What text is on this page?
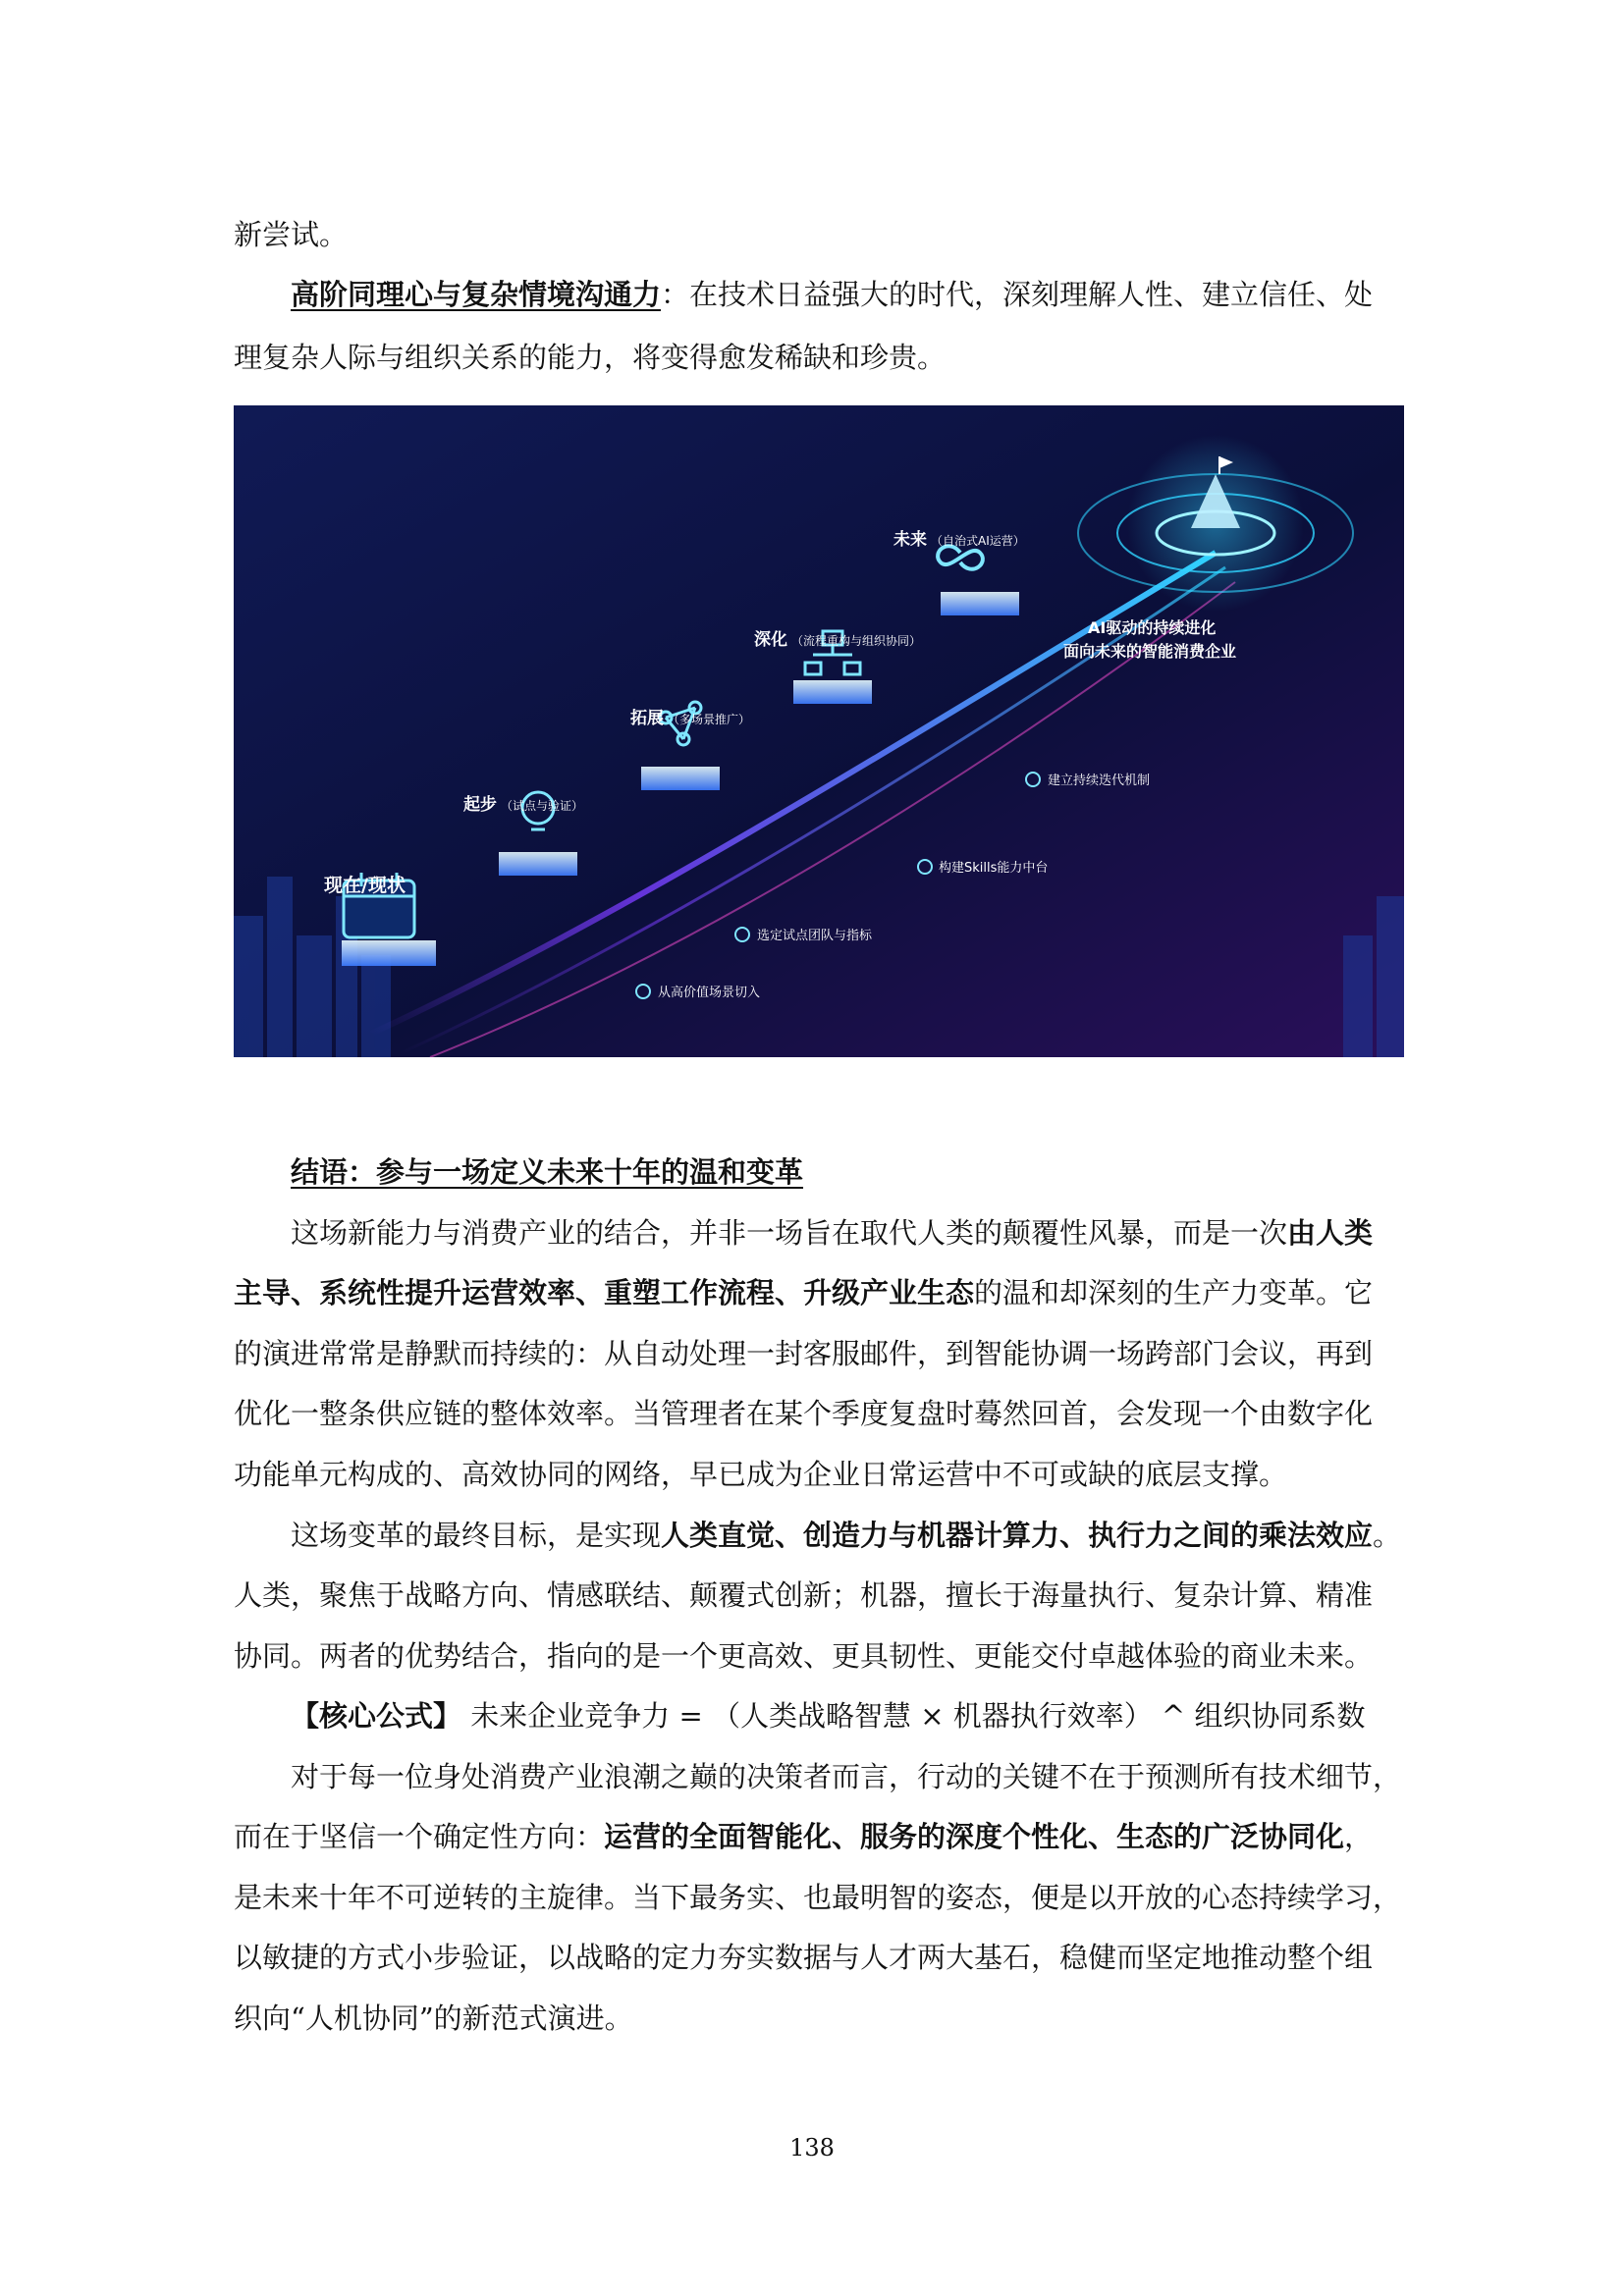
新尝试。

高阶同理心与复杂情境沟通力：在技术日益强大的时代，深刻理解人性、建立信任、处

理复杂人际与组织关系的能力，将变得愈发稀缺和珍贵。

现在/现状
起步 （试点与验证）
拓展 （多场景推广）
深化 （流程重构与组织协同）
未来 （自治式AI运营）
AI驱动的持续进化
面向未来的智能消费企业
从高价值场景切入
选定试点团队与指标
构建Skills能力中台
建立持续迭代机制

结语：参与一场定义未来十年的温和变革

这场新能力与消费产业的结合，并非一场旨在取代人类的颠覆性风暴，而是一次由人类

主导、系统性提升运营效率、重塑工作流程、升级产业生态的温和却深刻的生产力变革。它

的演进常常是静默而持续的：从自动处理一封客服邮件，到智能协调一场跨部门会议，再到

优化一整条供应链的整体效率。当管理者在某个季度复盘时蓦然回首，会发现一个由数字化

功能单元构成的、高效协同的网络，早已成为企业日常运营中不可或缺的底层支撑。

这场变革的最终目标，是实现人类直觉、创造力与机器计算力、执行力之间的乘法效应。

人类，聚焦于战略方向、情感联结、颠覆式创新；机器，擅长于海量执行、复杂计算、精准

协同。两者的优势结合，指向的是一个更高效、更具韧性、更能交付卓越体验的商业未来。

【核心公式】 未来企业竞争力 = （人类战略智慧 × 机器执行效率） ^ 组织协同系数

对于每一位身处消费产业浪潮之巅的决策者而言，行动的关键不在于预测所有技术细节，

而在于坚信一个确定性方向：运营的全面智能化、服务的深度个性化、生态的广泛协同化，

是未来十年不可逆转的主旋律。当下最务实、也最明智的姿态，便是以开放的心态持续学习，

以敏捷的方式小步验证，以战略的定力夯实数据与人才两大基石，稳健而坚定地推动整个组

织向“人机协同”的新范式演进。

138
